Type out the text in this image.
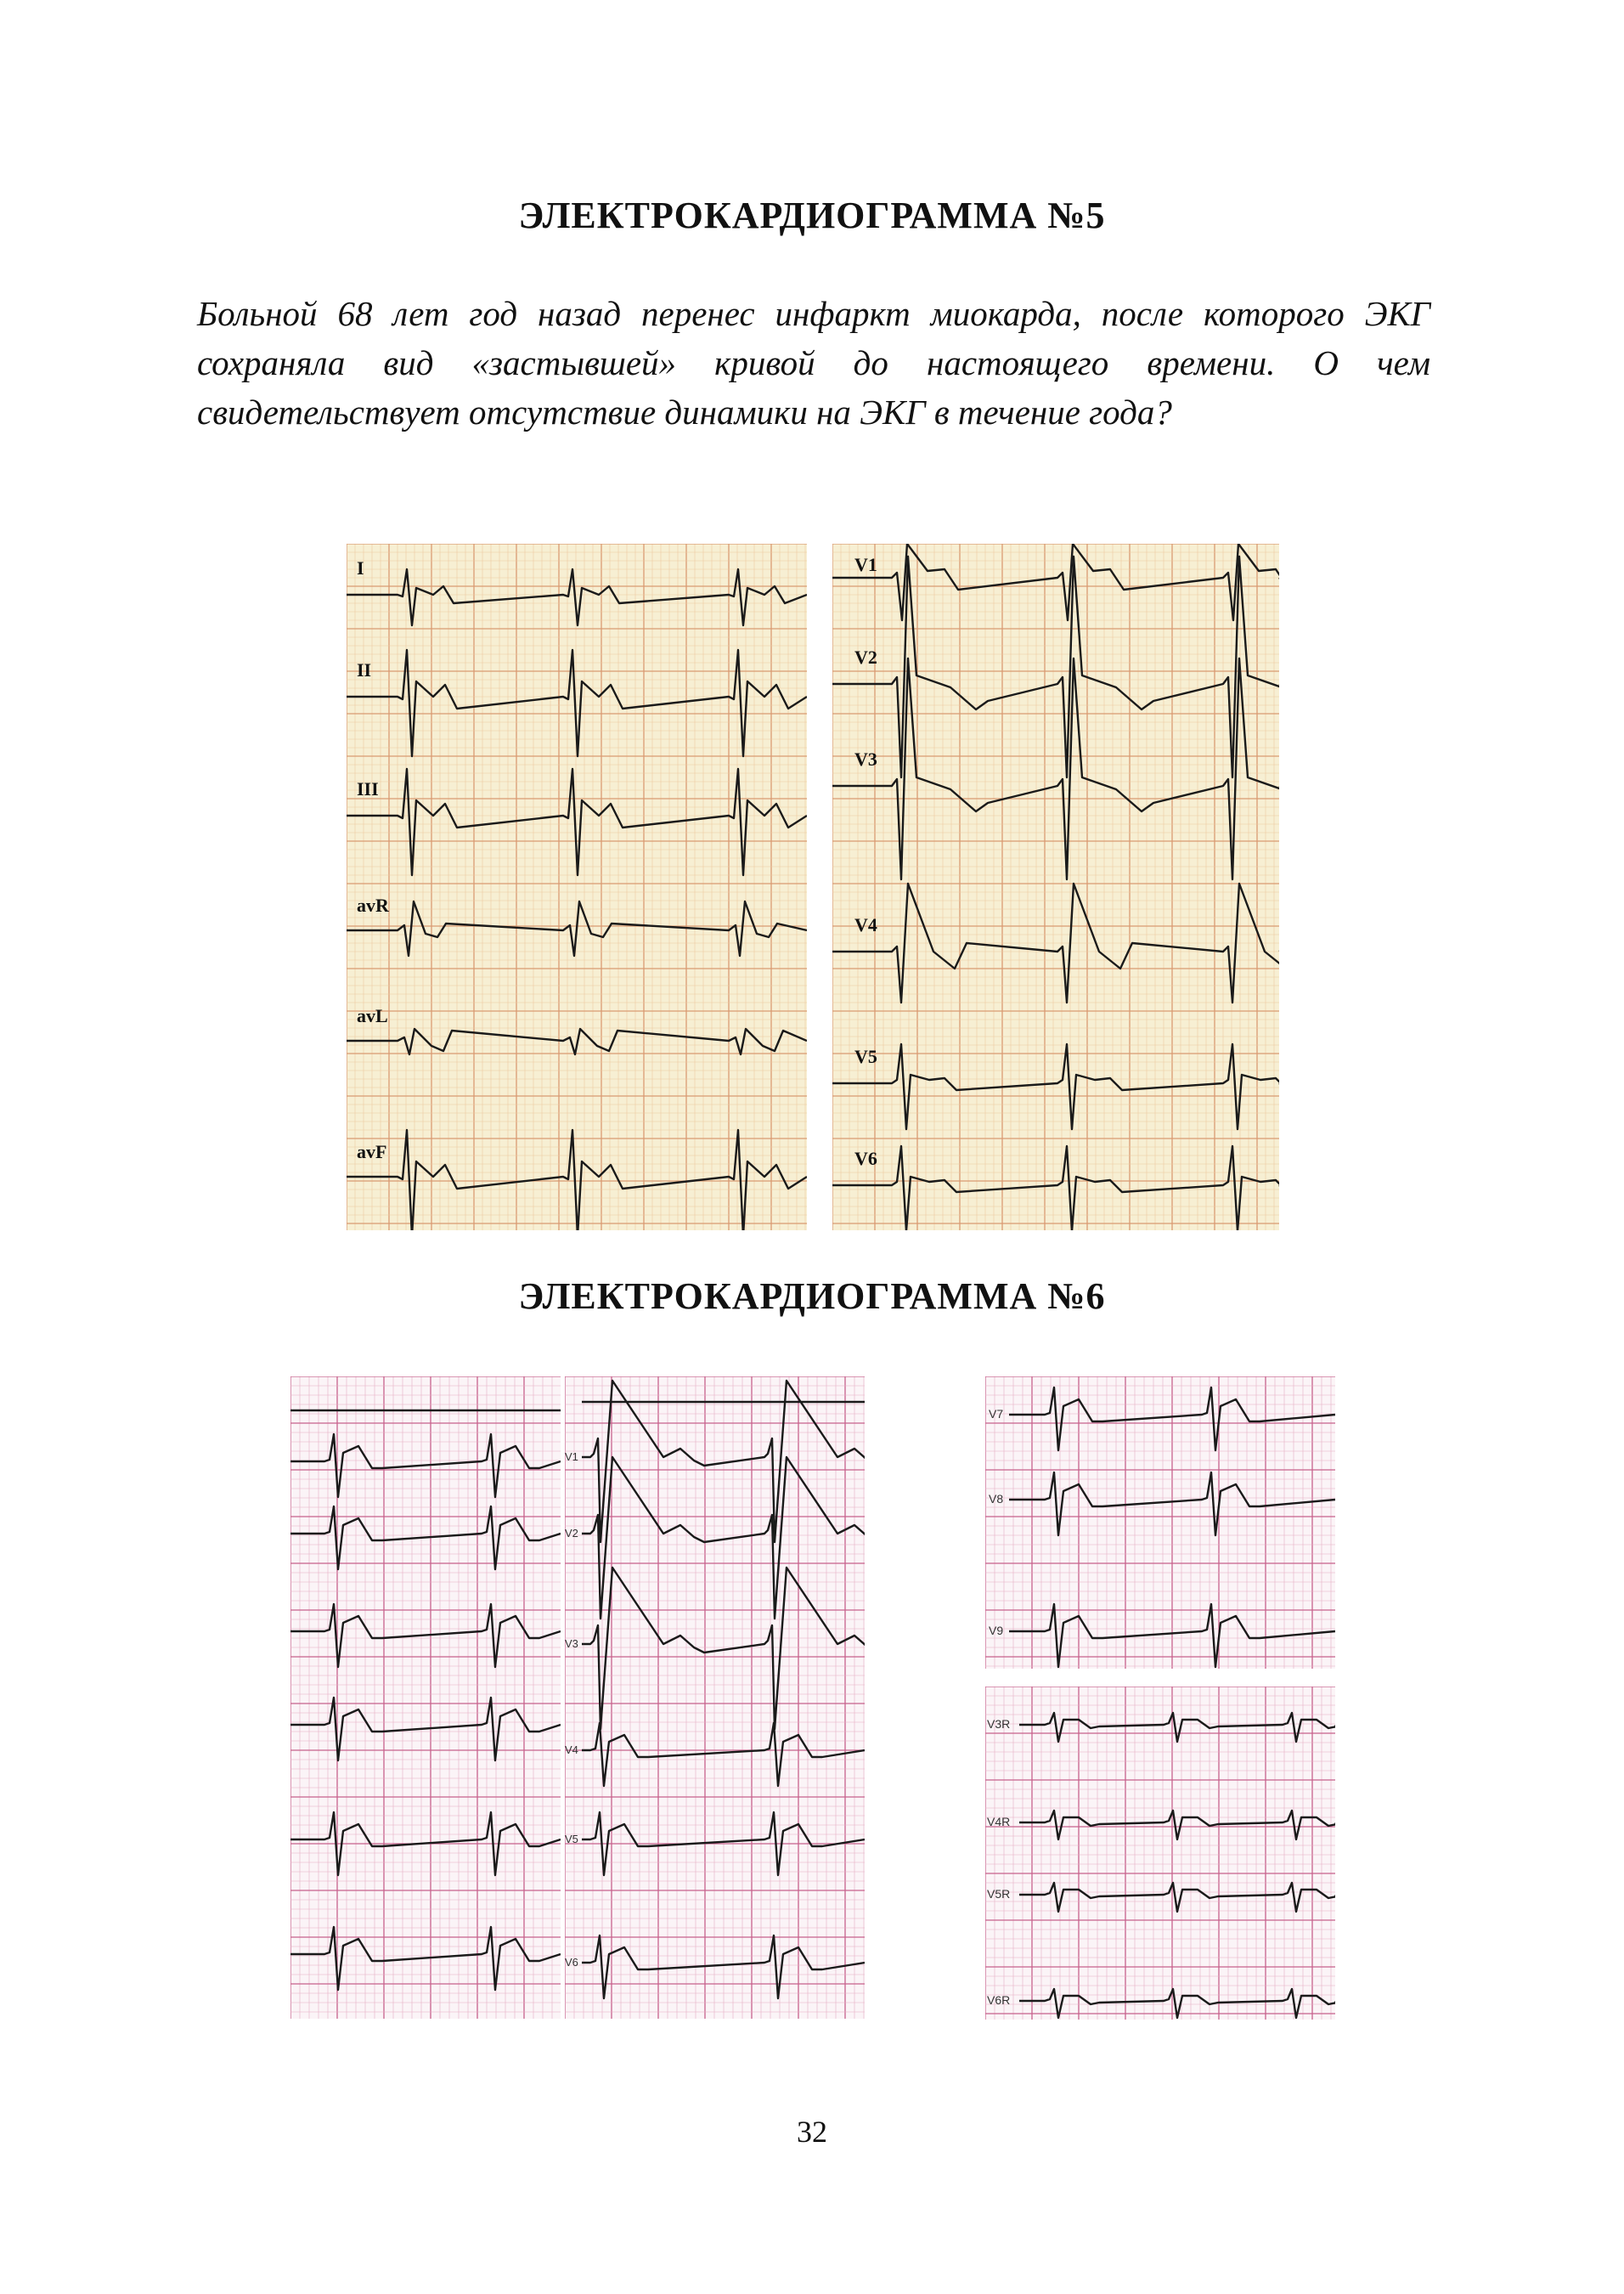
ЭЛЕКТРОКАРДИОГРАММА №5

Больной 68 лет год назад перенес инфаркт миокарда, после которого ЭКГ сохраняла вид «застывшей» кривой до настоящего времени. О чем свидетельствует отсутствие динамики на ЭКГ в течение года?

I
II
III
avR
avL
avF
V1
V2
V3
V4
V5
V6
ЭЛЕКТРОКАРДИОГРАММА №6
V1
V2
V3
V4
V5
V6
V7
V8
V9
V3R
V4R
V5R
V6R
32
